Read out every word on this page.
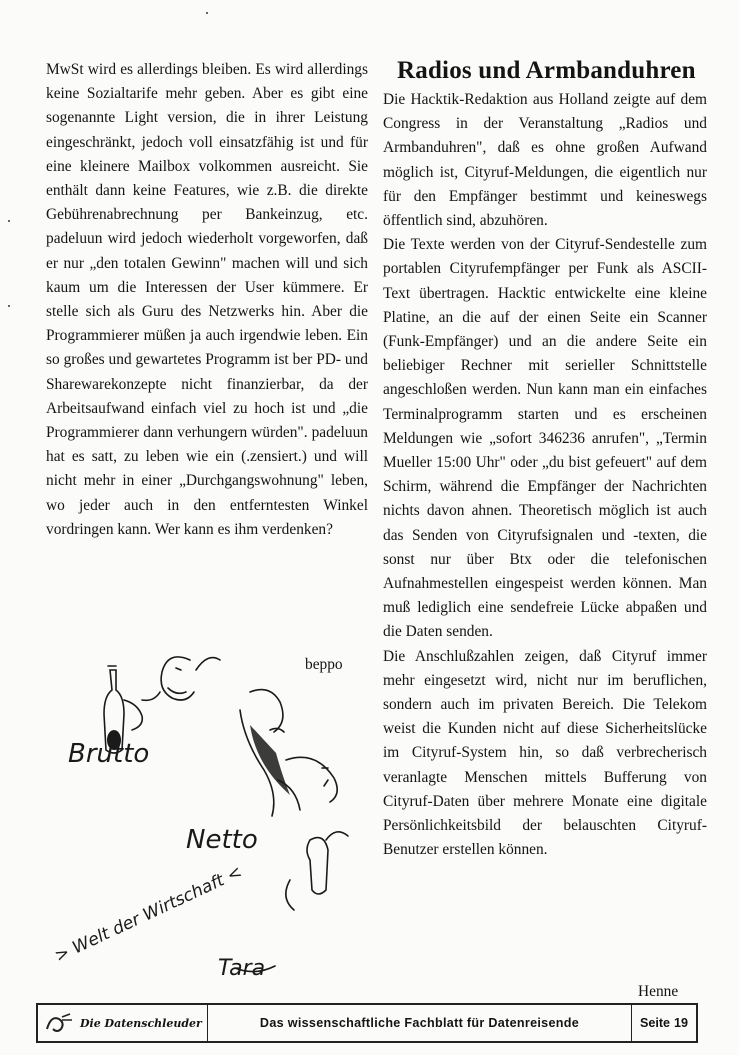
MwSt wird es allerdings bleiben. Es wird allerdings keine Sozialtarife mehr geben. Aber es gibt eine sogenannte Light version, die in ihrer Leistung eingeschränkt, jedoch voll einsatzfähig ist und für eine kleinere Mailbox volkommen ausreicht. Sie enthält dann keine Features, wie z.B. die direkte Gebührenabrechnung per Bankeinzug, etc. padeluun wird jedoch wiederholt vorgeworfen, daß er nur „den totalen Gewinn" machen will und sich kaum um die Interessen der User kümmere. Er stelle sich als Guru des Netzwerks hin. Aber die Programmierer müßen ja auch irgendwie leben. Ein so großes und gewartetes Programm ist ber PD- und Sharewarekonzepte nicht finanzierbar, da der Arbeitsaufwand einfach viel zu hoch ist und „die Programmierer dann verhungern würden". padeluun hat es satt, zu leben wie ein (.zensiert.) und will nicht mehr in einer „Durchgangswohnung" leben, wo jeder auch in den entferntesten Winkel vordringen kann. Wer kann es ihm verdenken?

beppo
Brutto
Netto
Tara
> Welt der Wirtschaft <
Radios und Armbanduhren

Die Hacktik-Redaktion aus Holland zeigte auf dem Congress in der Veranstaltung „Radios und Armbanduhren", daß es ohne großen Aufwand möglich ist, Cityruf-Meldungen, die eigentlich nur für den Empfänger bestimmt und keineswegs öffentlich sind, abzuhören.

Die Texte werden von der Cityruf-Sendestelle zum portablen Cityrufempfänger per Funk als ASCII-Text übertragen. Hacktic entwickelte eine kleine Platine, an die auf der einen Seite ein Scanner (Funk-Empfänger) und an die andere Seite ein beliebiger Rechner mit serieller Schnittstelle angeschloßen werden. Nun kann man ein einfaches Terminalprogramm starten und es erscheinen Meldungen wie „sofort 346236 anrufen", „Termin Mueller 15:00 Uhr" oder „du bist gefeuert" auf dem Schirm, während die Empfänger der Nachrichten nichts davon ahnen. Theoretisch möglich ist auch das Senden von Cityrufsignalen und -texten, die sonst nur über Btx oder die telefonischen Aufnahmestellen eingespeist werden können. Man muß lediglich eine sendefreie Lücke abpaßen und die Daten senden.

Die Anschlußzahlen zeigen, daß Cityruf immer mehr eingesetzt wird, nicht nur im beruflichen, sondern auch im privaten Bereich. Die Telekom weist die Kunden nicht auf diese Sicherheitslücke im Cityruf-System hin, so daß verbrecherisch veranlagte Menschen mittels Bufferung von Cityruf-Daten über mehrere Monate eine digitale Persönlichkeitsbild der belauschten Cityruf-Benutzer erstellen können.

Henne
Die Datenschleuder	Das wissenschaftliche Fachblatt für Datenreisende	Seite 19
